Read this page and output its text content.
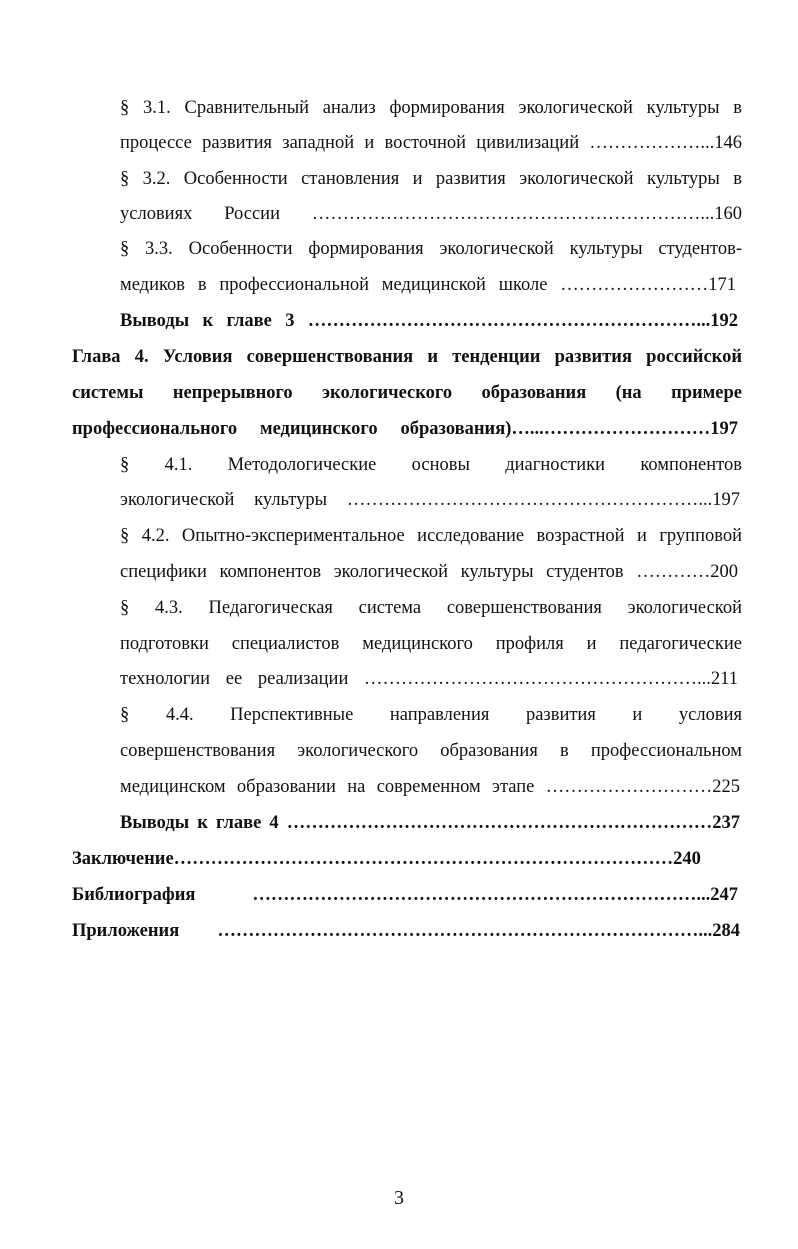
§ 3.1. Сравнительный анализ формирования экологической культуры в
процессе развития западной и восточной цивилизаций ………………...146
§ 3.2. Особенности становления и развития экологической культуры в
условиях России ………………………………………………………...160
§ 3.3. Особенности формирования экологической культуры студентов-
медиков в профессиональной медицинской школе ……………………171
Выводы к главе 3 ………………………………………………………...192
Глава 4. Условия совершенствования и тенденции развития российской
системы непрерывного экологического образования (на примере
профессионального медицинского образования)…...………………………197
§ 4.1. Методологические основы диагностики компонентов
экологической культуры …………………………………………………...197
§ 4.2. Опытно-экспериментальное исследование возрастной и групповой
специфики компонентов экологической культуры студентов …………200
§ 4.3. Педагогическая система совершенствования экологической
подготовки специалистов медицинского профиля и педагогические
технологии ее реализации ………………………………………………...211
§ 4.4. Перспективные направления развития и условия
совершенствования экологического образования в профессиональном
медицинском образовании на современном этапе ………………………225
Выводы к главе 4 ……………………………………………………………237
Заключение………………………………………………………………………240
Библиография ………………………………………………………………...247
Приложения ……………………………………………………………………...284
3
